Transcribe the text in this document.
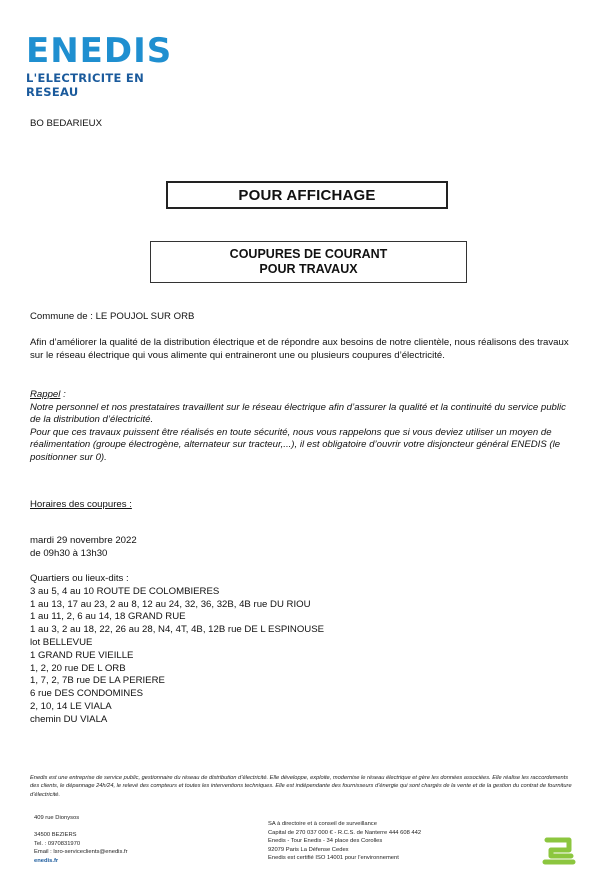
ENEDIS
L'ELECTRICITE EN RESEAU
BO BEDARIEUX
POUR AFFICHAGE
COUPURES DE COURANT
POUR TRAVAUX
Commune de : LE POUJOL SUR ORB
Afin d’améliorer la qualité de la distribution électrique et de répondre aux besoins de notre clientèle, nous réalisons des travaux sur le réseau électrique qui vous alimente qui entraineront une ou plusieurs coupures d’électricité.
Rappel :
Notre personnel et nos prestataires travaillent sur le réseau électrique afin d’assurer la qualité et la continuité du service public de la distribution d’électricité.
Pour que ces travaux puissent être réalisés en toute sécurité, nous vous rappelons que si vous deviez utiliser un moyen de réalimentation (groupe électrogène, alternateur sur tracteur,...), il est obligatoire d’ouvrir votre disjoncteur général ENEDIS (le positionner sur 0).
Horaires des coupures :
mardi 29 novembre 2022
de 09h30 à 13h30
Quartiers ou lieux-dits :
3 au 5, 4 au 10 ROUTE DE COLOMBIERES
1 au 13, 17 au 23, 2 au 8, 12 au 24, 32, 36, 32B, 4B rue DU RIOU
1 au 11, 2, 6 au 14, 18 GRAND RUE
1 au 3, 2 au 18, 22, 26 au 28, N4, 4T, 4B, 12B rue DE L ESPINOUSE
lot BELLEVUE
1 GRAND RUE VIEILLE
1, 2, 20 rue DE L ORB
1, 7, 2, 7B rue DE LA PERIERE
6 rue DES CONDOMINES
2, 10, 14 LE VIALA
chemin DU VIALA
Enedis est une entreprise de service public, gestionnaire du réseau de distribution d’électricité. Elle développe, exploite, modernise le réseau électrique et gère les données associées. Elle réalise les raccordements des clients, le dépannage 24h/24, le relevé des compteurs et toutes les interventions techniques. Elle est indépendante des fournisseurs d’énergie qui sont chargés de la vente et de la gestion du contrat de fourniture d’électricité.
409 rue Dionysos

34500 BEZIERS
Tel. : 0970831970
Email : lsro-serviceclients@enedis.fr
enedis.fr
SA à directoire et à conseil de surveillance
Capital de 270 037 000 € - R.C.S. de Nanterre 444 608 442
Enedis - Tour Enedis - 34 place des Corolles
92079 Paris La Défense Cedex
Enedis est certifié ISO 14001 pour l’environnement
